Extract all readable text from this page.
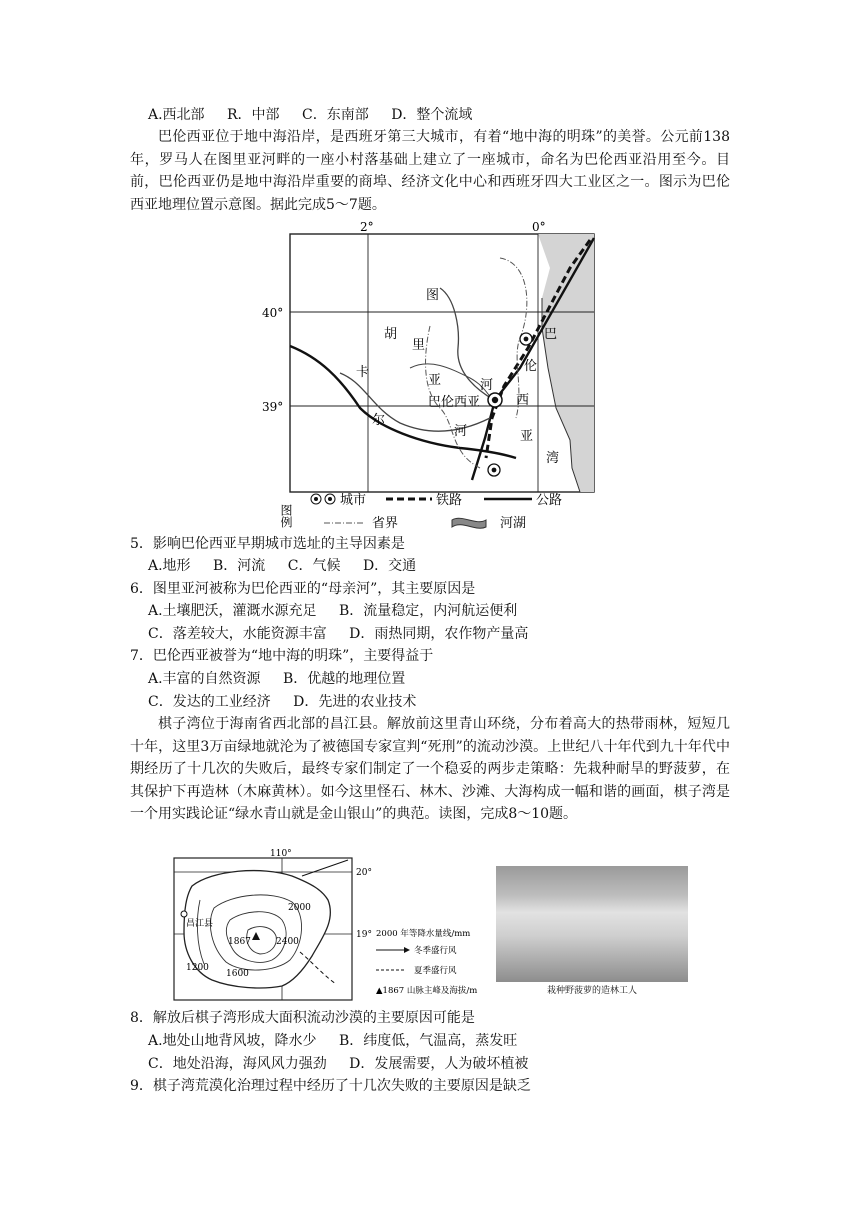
A.西北部 R．中部 C．东南部 D．整个流域

巴伦西亚位于地中海沿岸，是西班牙第三大城市，有着“地中海的明珠”的美誉。公元前138年，罗马人在图里亚河畔的一座小村落基础上建立了一座城市，命名为巴伦西亚沿用至今。目前，巴伦西亚仍是地中海沿岸重要的商埠、经济文化中心和西班牙四大工业区之一。图示为巴伦西亚地理位置示意图。据此完成5～7题。

2°	0°
40°
39°
图
胡
里
卡
亚
尔
河
河
巴伦西亚
巴
伦
西
亚
湾
图例
城市	铁路	公路
省界	河湖
5．影响巴伦西亚早期城市选址的主导因素是
A.地形 B．河流 C．气候 D．交通
6．图里亚河被称为巴伦西亚的“母亲河”，其主要原因是
A.土壤肥沃，灌溉水源充足 B．流量稳定，内河航运便利
C．落差较大，水能资源丰富 D．雨热同期，农作物产量高
7．巴伦西亚被誉为“地中海的明珠”，主要得益于
A.丰富的自然资源 B．优越的地理位置
C．发达的工业经济 D．先进的农业技术

棋子湾位于海南省西北部的昌江县。解放前这里青山环绕，分布着高大的热带雨林，短短几十年，这里3万亩绿地就沦为了被德国专家宣判“死刑”的流动沙漠。上世纪八十年代到九十年代中期经历了十几次的失败后，最终专家们制定了一个稳妥的两步走策略：先栽种耐旱的野菠萝，在其保护下再造林（木麻黄林）。如今这里怪石、林木、沙滩、大海构成一幅和谐的画面，棋子湾是一个用实践论证“绿水青山就是金山银山”的典范。读图，完成8～10题。

110°
20°
19°
昌江县
2000
2400
1600
1200
1867
2000 年等降水量线/mm
冬季盛行风
夏季盛行风
▲1867 山脉主峰及海拔/m	栽种野菠萝的造林工人
8．解放后棋子湾形成大面积流动沙漠的主要原因可能是
A.地处山地背风坡，降水少 B．纬度低，气温高，蒸发旺
C．地处沿海，海风风力强劲 D．发展需要，人为破坏植被
9．棋子湾荒漠化治理过程中经历了十几次失败的主要原因是缺乏
